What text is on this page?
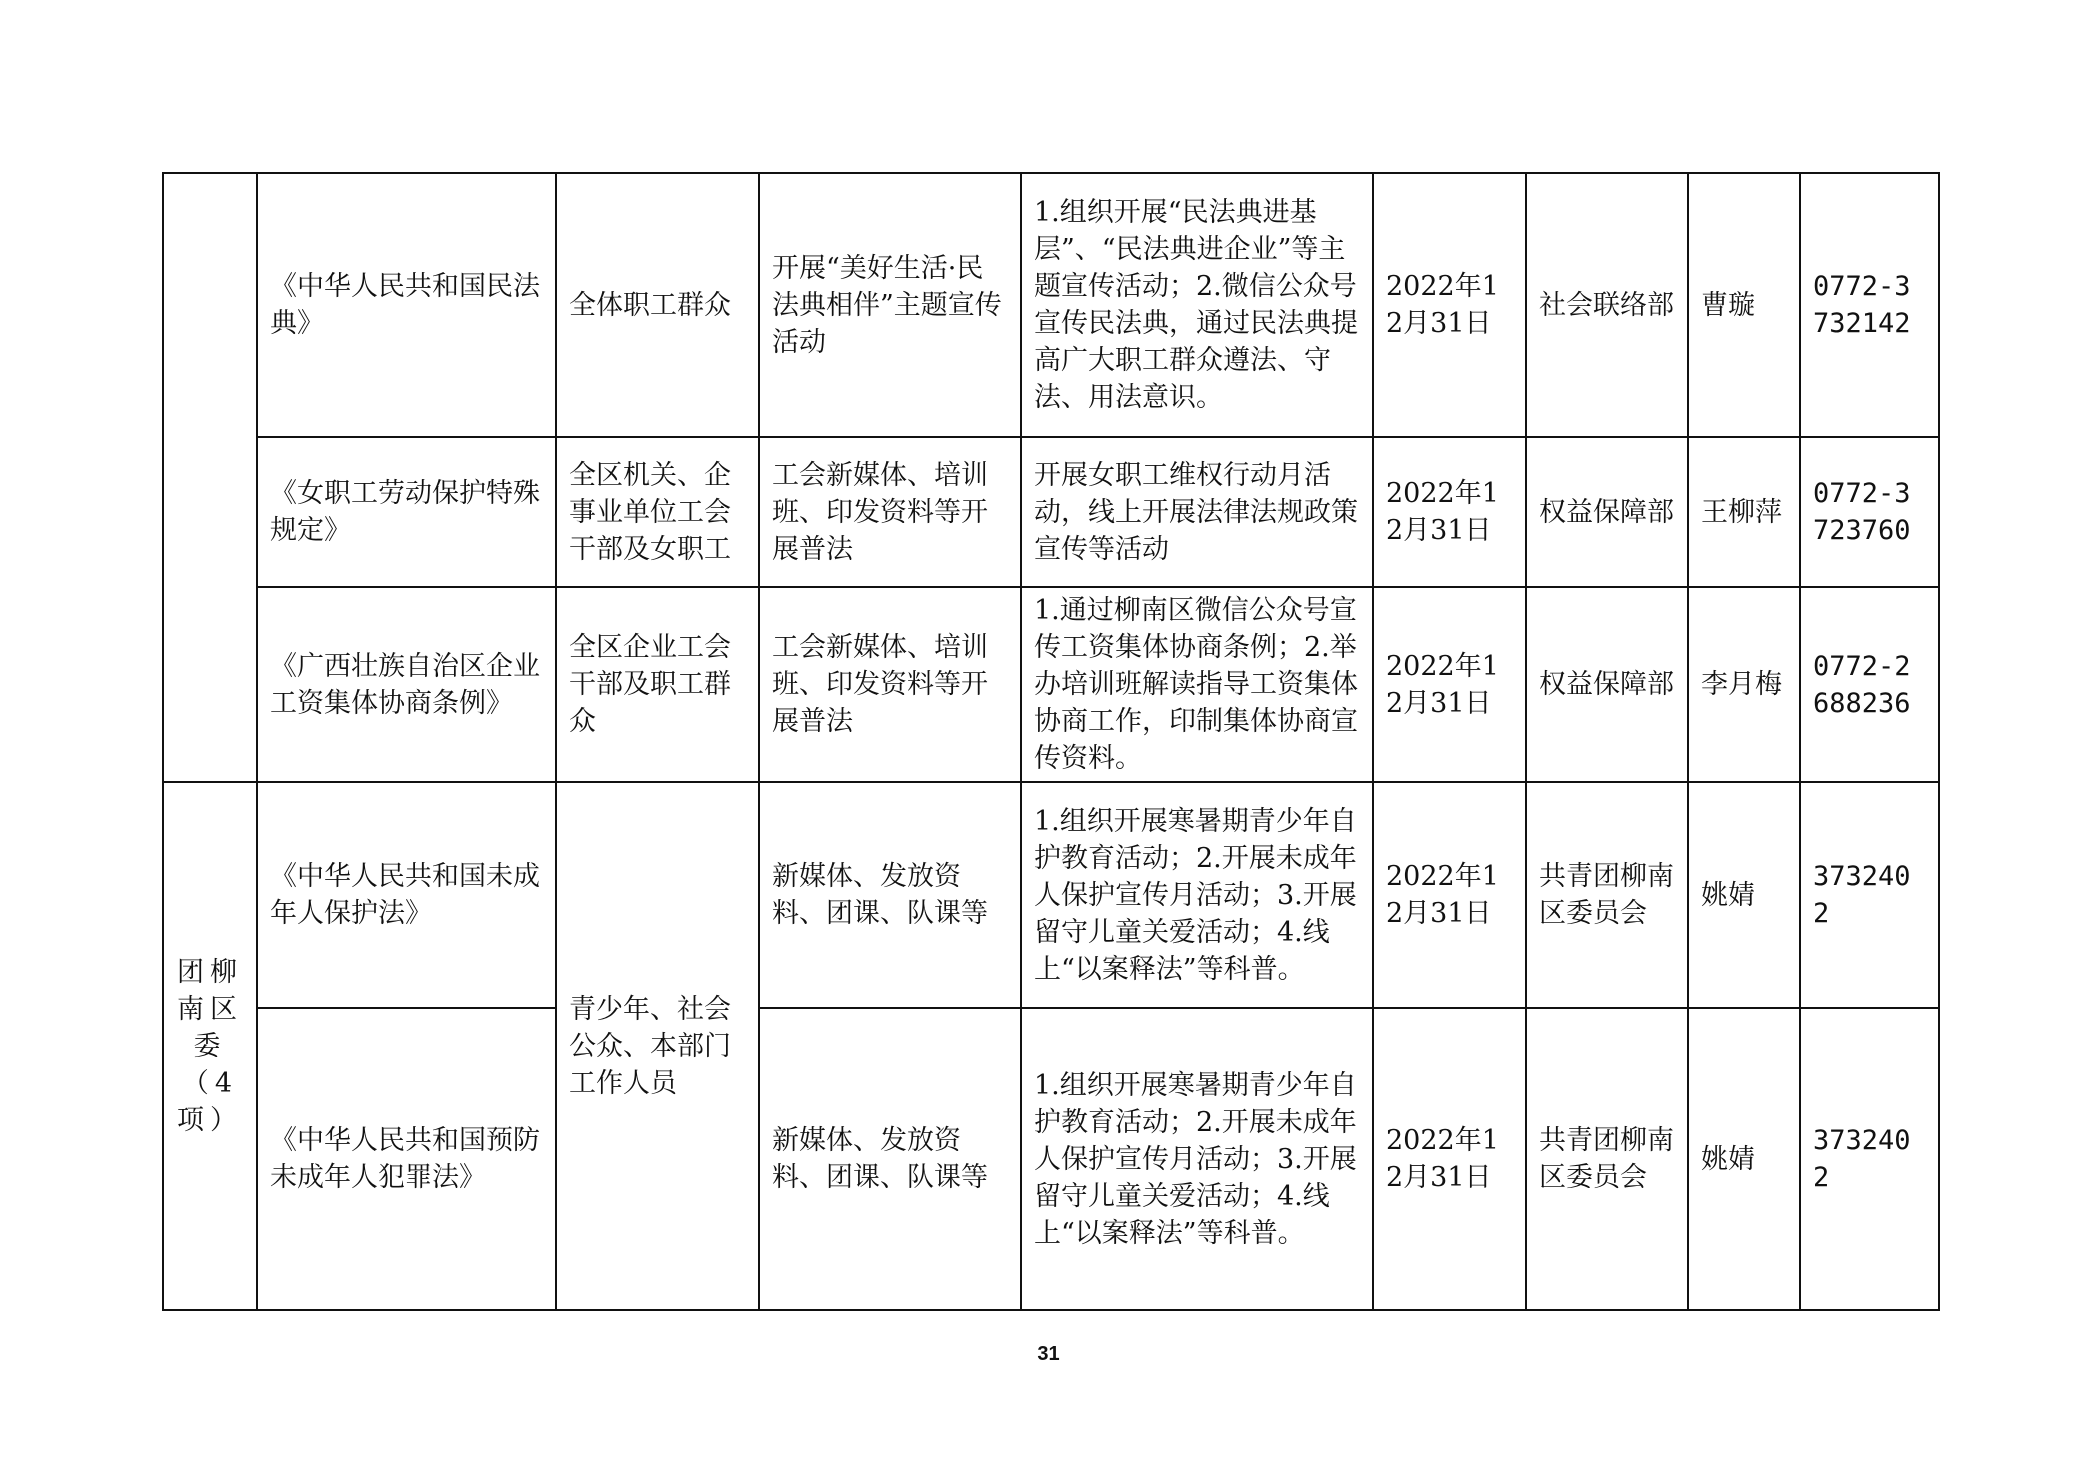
	《中华人民共和国民法典》	全体职工群众	开展“美好生活·民法典相伴”主题宣传活动	1.组织开展“民法典进基层”、“民法典进企业”等主题宣传活动；2.微信公众号宣传民法典，通过民法典提高广大职工群众遵法、守法、用法意识。	2022年12月31日	社会联络部	曹璇	0772-3732142
	《女职工劳动保护特殊规定》	全区机关、企事业单位工会干部及女职工	工会新媒体、培训班、印发资料等开展普法	开展女职工维权行动月活动，线上开展法律法规政策宣传等活动	2022年12月31日	权益保障部	王柳萍	0772-3723760
	《广西壮族自治区企业工资集体协商条例》	全区企业工会干部及职工群众	工会新媒体、培训班、印发资料等开展普法	1.通过柳南区微信公众号宣传工资集体协商条例；2.举办培训班解读指导工资集体协商工作，印制集体协商宣传资料。	2022年12月31日	权益保障部	李月梅	0772-2688236
团柳南区委（4项）	《中华人民共和国未成年人保护法》	青少年、社会公众、本部门工作人员	新媒体、发放资料、团课、队课等	1.组织开展寒暑期青少年自护教育活动；2.开展未成年人保护宣传月活动；3.开展留守儿童关爱活动；4.线上“以案释法”等科普。	2022年12月31日	共青团柳南区委员会	姚婧	3732402
	《中华人民共和国预防未成年人犯罪法》		新媒体、发放资料、团课、队课等	1.组织开展寒暑期青少年自护教育活动；2.开展未成年人保护宣传月活动；3.开展留守儿童关爱活动；4.线上“以案释法”等科普。	2022年12月31日	共青团柳南区委员会	姚婧	3732402
31
